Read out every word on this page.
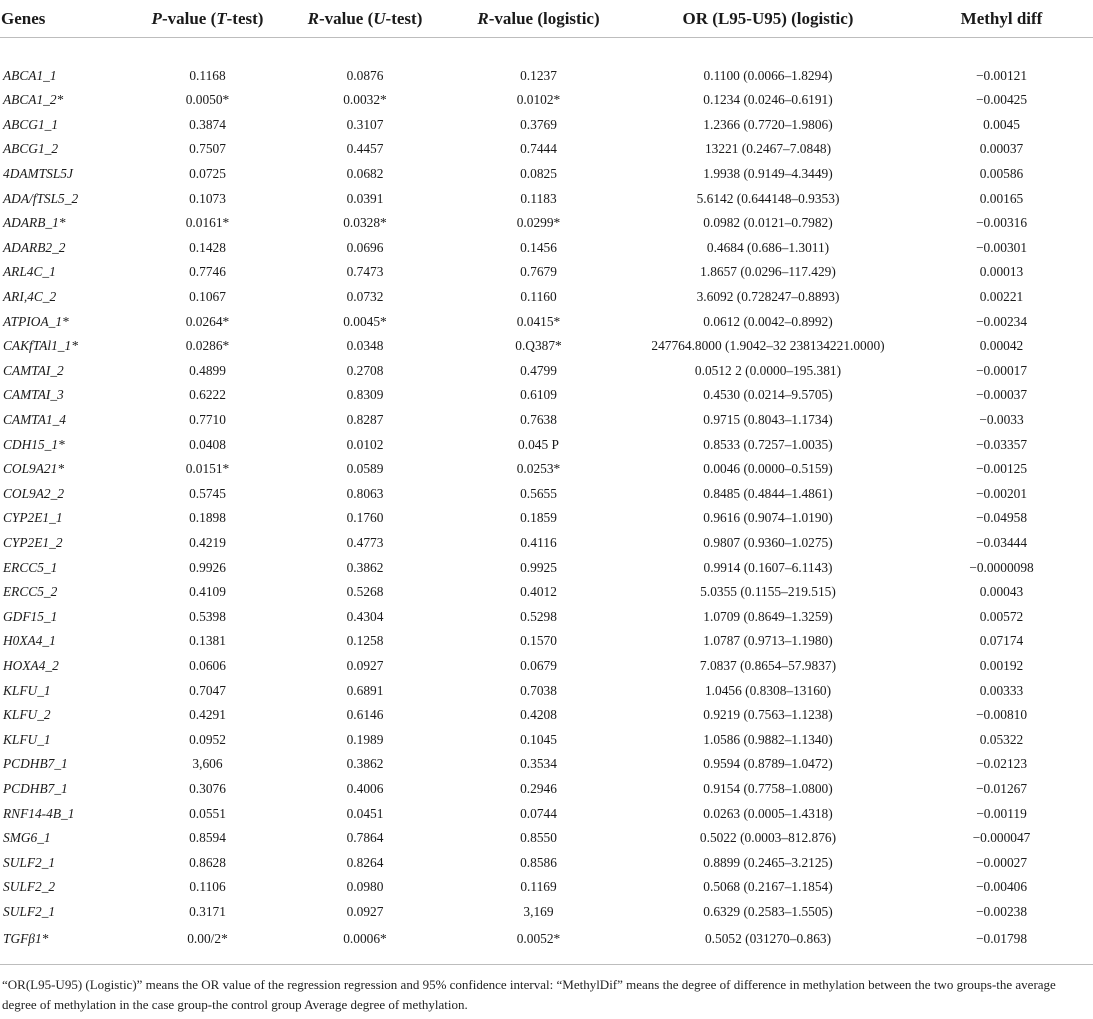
Genes	P-value (T-test)	R-value (U-test)	R-value (logistic)	OR (L95-U95) (logistic)	Methyl diff
ABCA1_1	0.1168	0.0876	0.1237	0.1100 (0.0066–1.8294)	−0.00121
ABCA1_2*	0.0050*	0.0032*	0.0102*	0.1234 (0.0246–0.6191)	−0.00425
ABCG1_1	0.3874	0.3107	0.3769	1.2366 (0.7720–1.9806)	0.0045
ABCG1_2	0.7507	0.4457	0.7444	13221 (0.2467–7.0848)	0.00037
4DAMTSL5J	0.0725	0.0682	0.0825	1.9938 (0.9149–4.3449)	0.00586
ADA/fTSL5_2	0.1073	0.0391	0.1183	5.6142 (0.644148–0.9353)	0.00165
ADARB_1*	0.0161*	0.0328*	0.0299*	0.0982 (0.0121–0.7982)	−0.00316
ADARB2_2	0.1428	0.0696	0.1456	0.4684 (0.686–1.3011)	−0.00301
ARL4C_1	0.7746	0.7473	0.7679	1.8657 (0.0296–117.429)	0.00013
ARI,4C_2	0.1067	0.0732	0.1160	3.6092 (0.728247–0.8893)	0.00221
ATPIOA_1*	0.0264*	0.0045*	0.0415*	0.0612 (0.0042–0.8992)	−0.00234
CAKfTAl1_1*	0.0286*	0.0348	0.Q387*	247764.8000 (1.9042–32 238134221.0000)	0.00042
CAMTAI_2	0.4899	0.2708	0.4799	0.0512 2 (0.0000–195.381)	−0.00017
CAMTAI_3	0.6222	0.8309	0.6109	0.4530 (0.0214–9.5705)	−0.00037
CAMTA1_4	0.7710	0.8287	0.7638	0.9715 (0.8043–1.1734)	−0.0033
CDH15_1*	0.0408	0.0102	0.045 P	0.8533 (0.7257–1.0035)	−0.03357
COL9A21*	0.0151*	0.0589	0.0253*	0.0046 (0.0000–0.5159)	−0.00125
COL9A2_2	0.5745	0.8063	0.5655	0.8485 (0.4844–1.4861)	−0.00201
CYP2E1_1	0.1898	0.1760	0.1859	0.9616 (0.9074–1.0190)	−0.04958
CYP2E1_2	0.4219	0.4773	0.4116	0.9807 (0.9360–1.0275)	−0.03444
ERCC5_1	0.9926	0.3862	0.9925	0.9914 (0.1607–6.1143)	−0.0000098
ERCC5_2	0.4109	0.5268	0.4012	5.0355 (0.1155–219.515)	0.00043
GDF15_1	0.5398	0.4304	0.5298	1.0709 (0.8649–1.3259)	0.00572
H0XA4_1	0.1381	0.1258	0.1570	1.0787 (0.9713–1.1980)	0.07174
HOXA4_2	0.0606	0.0927	0.0679	7.0837 (0.8654–57.9837)	0.00192
KLFU_1	0.7047	0.6891	0.7038	1.0456 (0.8308–13160)	0.00333
KLFU_2	0.4291	0.6146	0.4208	0.9219 (0.7563–1.1238)	−0.00810
KLFU_1	0.0952	0.1989	0.1045	1.0586 (0.9882–1.1340)	0.05322
PCDHB7_1	3,606	0.3862	0.3534	0.9594 (0.8789–1.0472)	−0.02123
PCDHB7_1	0.3076	0.4006	0.2946	0.9154 (0.7758–1.0800)	−0.01267
RNF14-4B_1	0.0551	0.0451	0.0744	0.0263 (0.0005–1.4318)	−0.00119
SMG6_1	0.8594	0.7864	0.8550	0.5022 (0.0003–812.876)	−0.000047
SULF2_1	0.8628	0.8264	0.8586	0.8899 (0.2465–3.2125)	−0.00027
SULF2_2	0.1106	0.0980	0.1169	0.5068 (0.2167–1.1854)	−0.00406
SULF2_1	0.3171	0.0927	3,169	0.6329 (0.2583–1.5505)	−0.00238
TGFβ1*	0.00/2*	0.0006*	0.0052*	0.5052 (031270–0.863)	−0.01798
“OR(L95-U95) (Logistic)” means the OR value of the regression regression and 95% confidence interval: “MethylDif” means the degree of difference in methylation between the two groups-the average degree of methylation in the case group-the control group Average degree of methylation.
